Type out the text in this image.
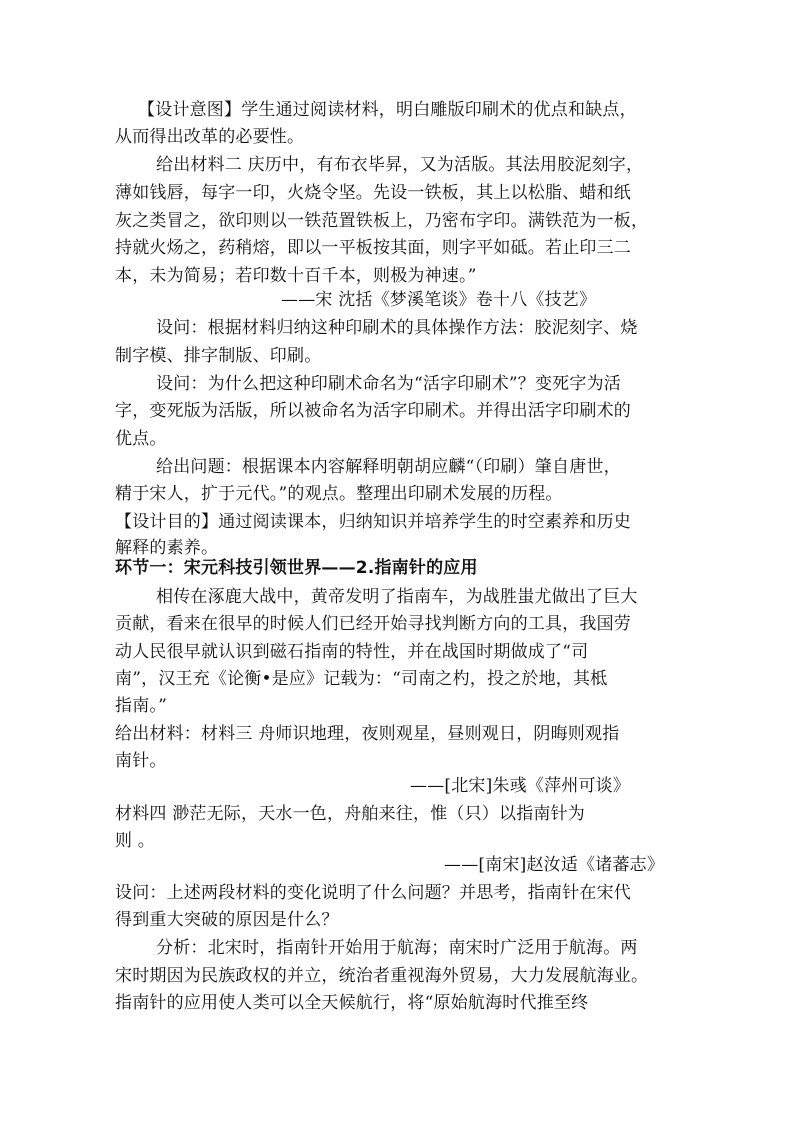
【设计意图】学生通过阅读材料，明白雕版印刷术的优点和缺点，
从而得出改革的必要性。
给出材料二 庆历中，有布衣毕昇，又为活版。其法用胶泥刻字，
薄如钱唇，每字一印，火烧令坚。先设一铁板，其上以松脂、蜡和纸
灰之类冒之，欲印则以一铁范置铁板上，乃密布字印。满铁范为一板，
持就火炀之，药稍熔，即以一平板按其面，则字平如砥。若止印三二
本，未为简易；若印数十百千本，则极为神速。”
——宋 沈括《梦溪笔谈》卷十八《技艺》
设问：根据材料归纳这种印刷术的具体操作方法：胶泥刻字、烧
制字模、排字制版、印刷。
设问：为什么把这种印刷术命名为“活字印刷术”？变死字为活
字，变死版为活版，所以被命名为活字印刷术。并得出活字印刷术的
优点。
给出问题：根据课本内容解释明朝胡应麟“（印刷）肇自唐世，
精于宋人，扩于元代。”的观点。整理出印刷术发展的历程。
【设计目的】通过阅读课本，归纳知识并培养学生的时空素养和历史
解释的素养。
环节一：宋元科技引领世界——2.指南针的应用
相传在涿鹿大战中，黄帝发明了指南车，为战胜蚩尤做出了巨大
贡献，看来在很早的时候人们已经开始寻找判断方向的工具，我国劳
动人民很早就认识到磁石指南的特性，并在战国时期做成了“司
南”，汉王充《论衡•是应》记载为：“司南之杓，投之於地，其柢
指南。”
给出材料：材料三 舟师识地理，夜则观星，昼则观日，阴晦则观指
南针。
——[北宋]朱彧《萍州可谈》
材料四 渺茫无际，天水一色，舟舶来往，惟（只）以指南针为
则 。
——[南宋]赵汝适《诸蕃志》
设问：上述两段材料的变化说明了什么问题？并思考，指南针在宋代
得到重大突破的原因是什么？
分析：北宋时，指南针开始用于航海；南宋时广泛用于航海。两
宋时期因为民族政权的并立，统治者重视海外贸易，大力发展航海业。
指南针的应用使人类可以全天候航行，将“原始航海时代推至终
